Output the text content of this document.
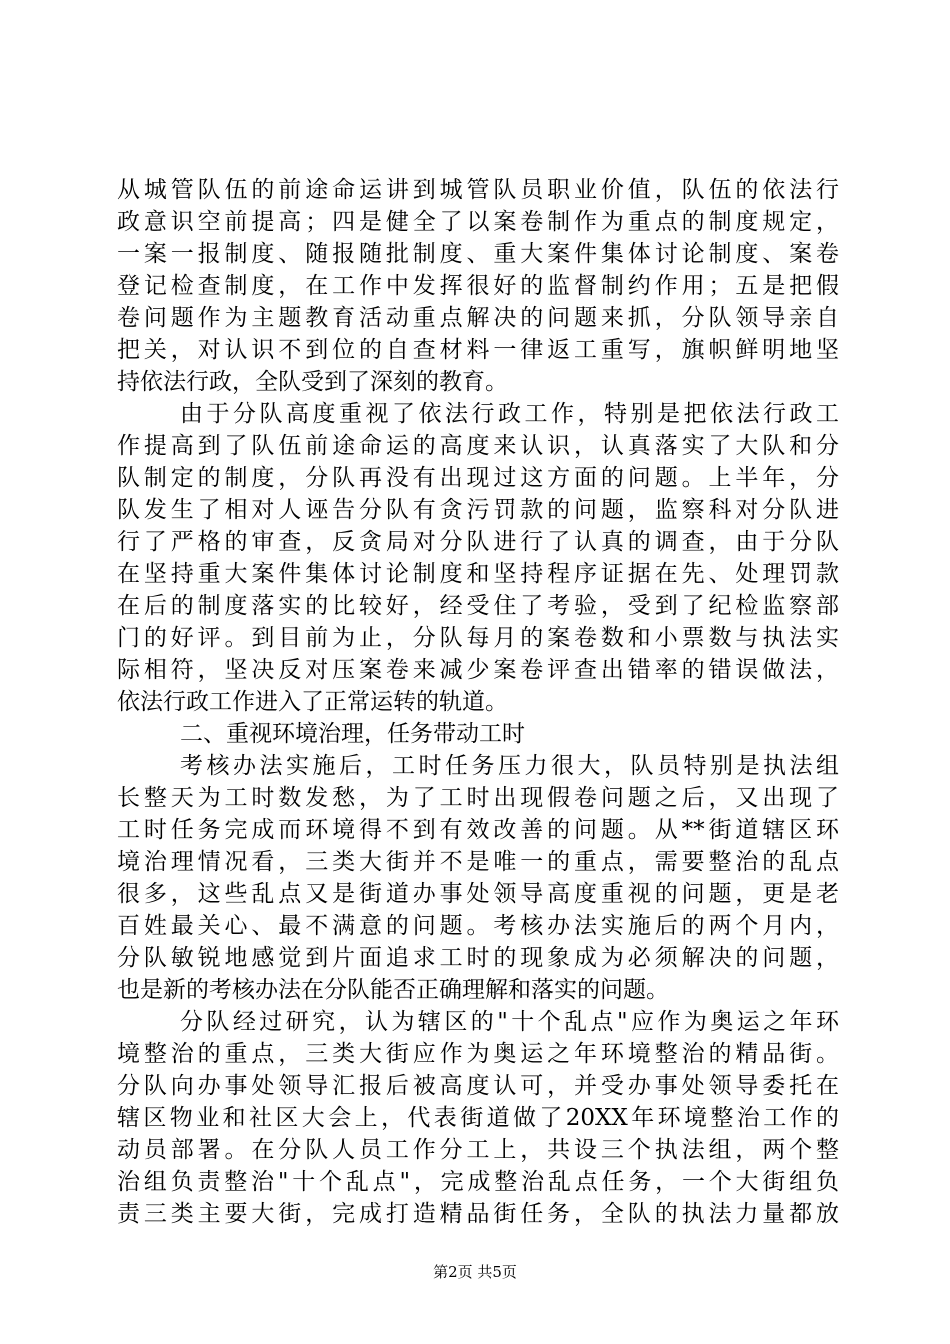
从城管队伍的前途命运讲到城管队员职业价值，队伍的依法行

政意识空前提高；四是健全了以案卷制作为重点的制度规定，

一案一报制度、随报随批制度、重大案件集体讨论制度、案卷

登记检查制度，在工作中发挥很好的监督制约作用；五是把假

卷问题作为主题教育活动重点解决的问题来抓，分队领导亲自

把关，对认识不到位的自查材料一律返工重写，旗帜鲜明地坚

持依法行政，全队受到了深刻的教育。

由于分队高度重视了依法行政工作，特别是把依法行政工

作提高到了队伍前途命运的高度来认识，认真落实了大队和分

队制定的制度，分队再没有出现过这方面的问题。上半年，分

队发生了相对人诬告分队有贪污罚款的问题，监察科对分队进

行了严格的审查，反贪局对分队进行了认真的调查，由于分队

在坚持重大案件集体讨论制度和坚持程序证据在先、处理罚款

在后的制度落实的比较好，经受住了考验，受到了纪检监察部

门的好评。到目前为止，分队每月的案卷数和小票数与执法实

际相符，坚决反对压案卷来减少案卷评查出错率的错误做法，

依法行政工作进入了正常运转的轨道。

二、重视环境治理，任务带动工时

考核办法实施后，工时任务压力很大，队员特别是执法组

长整天为工时数发愁，为了工时出现假卷问题之后，又出现了

工时任务完成而环境得不到有效改善的问题。从**街道辖区环

境治理情况看，三类大街并不是唯一的重点，需要整治的乱点

很多，这些乱点又是街道办事处领导高度重视的问题，更是老

百姓最关心、最不满意的问题。考核办法实施后的两个月内，

分队敏锐地感觉到片面追求工时的现象成为必须解决的问题，

也是新的考核办法在分队能否正确理解和落实的问题。

分队经过研究，认为辖区的"十个乱点"应作为奥运之年环

境整治的重点，三类大街应作为奥运之年环境整治的精品街。

分队向办事处领导汇报后被高度认可，并受办事处领导委托在

辖区物业和社区大会上，代表街道做了20XX年环境整治工作的

动员部署。在分队人员工作分工上，共设三个执法组，两个整

治组负责整治"十个乱点"，完成整治乱点任务，一个大街组负

责三类主要大街，完成打造精品街任务，全队的执法力量都放

第2页 共5页
